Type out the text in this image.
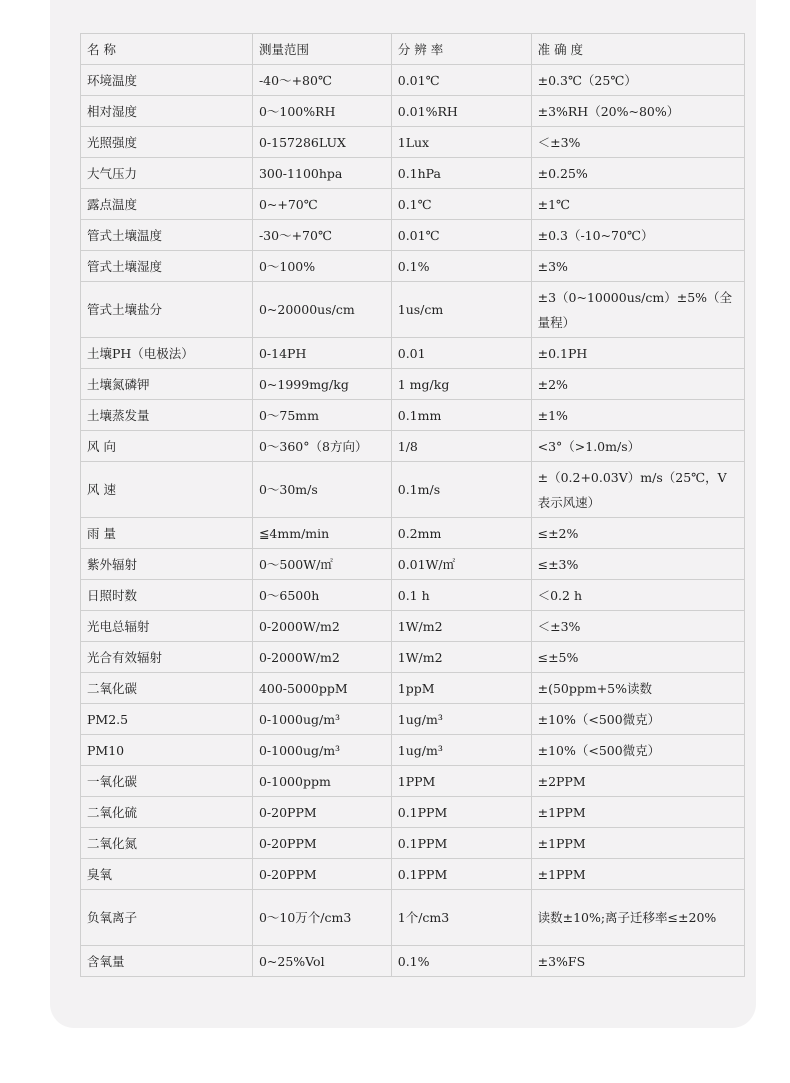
名 称	测量范围	分 辨 率	准 确 度
环境温度	-40～+80℃	0.01℃	±0.3℃（25℃）
相对湿度	0～100%RH	0.01%RH	±3%RH（20%~80%）
光照强度	0-157286LUX	1Lux	＜±3%
大气压力	300-1100hpa	0.1hPa	±0.25%
露点温度	0~+70℃	0.1℃	±1℃
管式土壤温度	-30～+70℃	0.01℃	±0.3（-10~70℃）
管式土壤湿度	0～100%	0.1%	±3%
管式土壤盐分	0~20000us/cm	1us/cm	±3（0~10000us/cm）±5%（全量程）
土壤PH（电极法）	0-14PH	0.01	±0.1PH
土壤氮磷钾	0~1999mg/kg	1 mg/kg	±2%
土壤蒸发量	0～75mm	0.1mm	±1%
风 向	0～360°（8方向）	1/8	<3°（>1.0m/s）
风 速	0～30m/s	0.1m/s	±（0.2+0.03V）m/s（25℃，V表示风速）
雨 量	≦4mm/min	0.2mm	≤±2%
紫外辐射	0～500W/㎡	0.01W/㎡	≤±3%
日照时数	0～6500h	0.1 h	＜0.2 h
光电总辐射	0-2000W/m2	1W/m2	＜±3%
光合有效辐射	0-2000W/m2	1W/m2	≤±5%
二氧化碳	400-5000ppM	1ppM	±(50ppm+5%读数
PM2.5	0-1000ug/m³	1ug/m³	±10%（<500微克）
PM10	0-1000ug/m³	1ug/m³	±10%（<500微克）
一氧化碳	0-1000ppm	1PPM	±2PPM
二氧化硫	0-20PPM	0.1PPM	±1PPM
二氧化氮	0-20PPM	0.1PPM	±1PPM
臭氧	0-20PPM	0.1PPM	±1PPM
负氧离子	0～10万个/cm3	1个/cm3	读数±10%;离子迁移率≤±20%
含氧量	0~25%Vol	0.1%	±3%FS
